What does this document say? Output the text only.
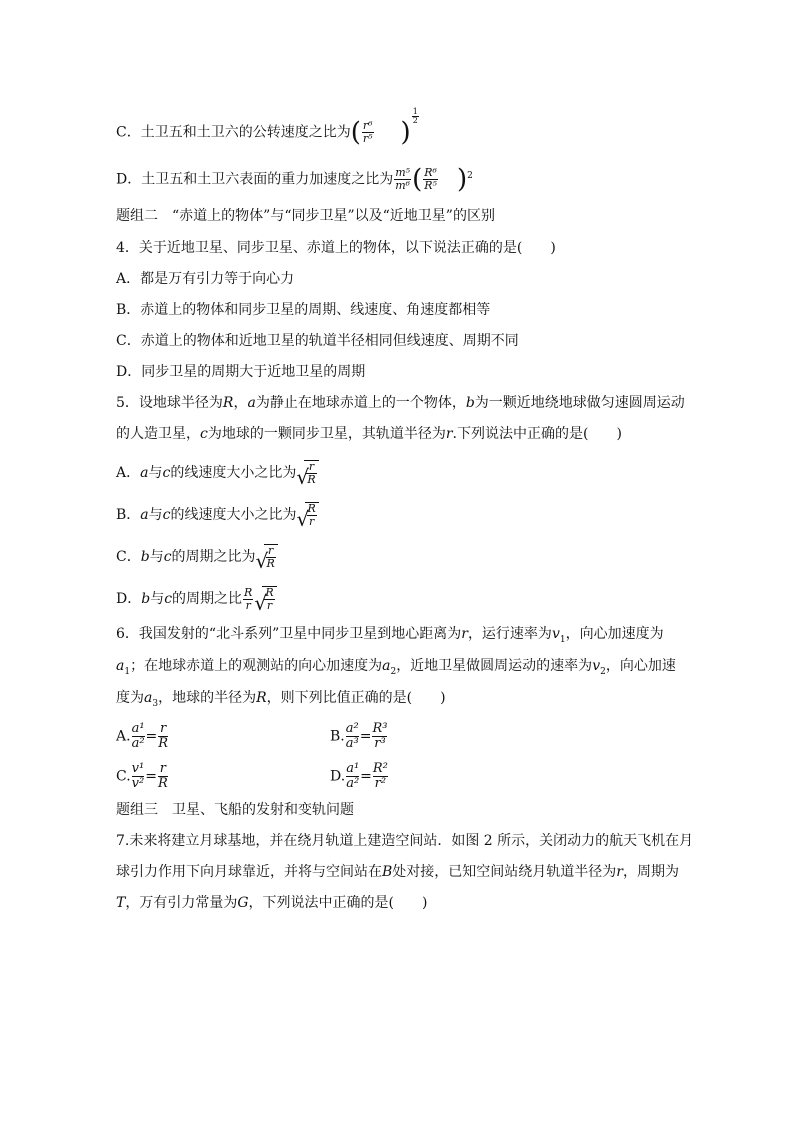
C．土卫五和土卫六的公转速度之比为( $\frac{\text{r⁶}}{\text{r⁵}}$ )
$\frac{1}{2}$
D．土卫五和土卫六表面的重力加速度之比为 $\frac{\text{m⁵}}{\text{m⁶}}$ ( $\frac{\text{R⁶}}{\text{R⁵}} )^2$
题组二　“赤道上的物体”与“同步卫星”以及“近地卫星”的区别
4．关于近地卫星、同步卫星、赤道上的物体，以下说法正确的是(　　)
A．都是万有引力等于向心力
B．赤道上的物体和同步卫星的周期、线速度、角速度都相等
C．赤道上的物体和近地卫星的轨道半径相同但线速度、周期不同
D．同步卫星的周期大于近地卫星的周期
5．设地球半径为R，a为静止在地球赤道上的一个物体，b为一颗近地绕地球做匀速圆周运动
的人造卫星，c为地球的一颗同步卫星，其轨道半径为r.下列说法中正确的是(　　)
A．a与c的线速度大小之比为 √
$\frac{r}{R}$
B．a与c的线速度大小之比为 √
$\frac{R}{r}$
C．b与c的周期之比为 √
$\frac{r}{R}$
D．b与c的周期之比 $\frac{R}{r}$ √
$\frac{R}{r}$
6．我国发射的“北斗系列”卫星中同步卫星到地心距离为r，运行速率为$v_1$，向心加速度为
$a_1$；在地球赤道上的观测站的向心加速度为$a_2$，近地卫星做圆周运动的速率为$v_2$，向心加速
度为$a_3$，地球的半径为R，则下列比值正确的是(　　)
A. $\frac{\text{a¹}}{\text{a²}} = \frac{r}{R}$	B. $\frac{\text{a²}}{\text{a³}} = \frac{\text{R³}}{\text{r³}}$
C. $\frac{\text{v¹}}{\text{v²}} = \frac{r}{R}$	D. $\frac{\text{a¹}}{\text{a²}} = \frac{\text{R²}}{\text{r²}}$
题组三　卫星、飞船的发射和变轨问题
7.未来将建立月球基地，并在绕月轨道上建造空间站．如图 2 所示，关闭动力的航天飞机在月
球引力作用下向月球靠近，并将与空间站在B处对接，已知空间站绕月轨道半径为r，周期为
T，万有引力常量为G，下列说法中正确的是(　　)
